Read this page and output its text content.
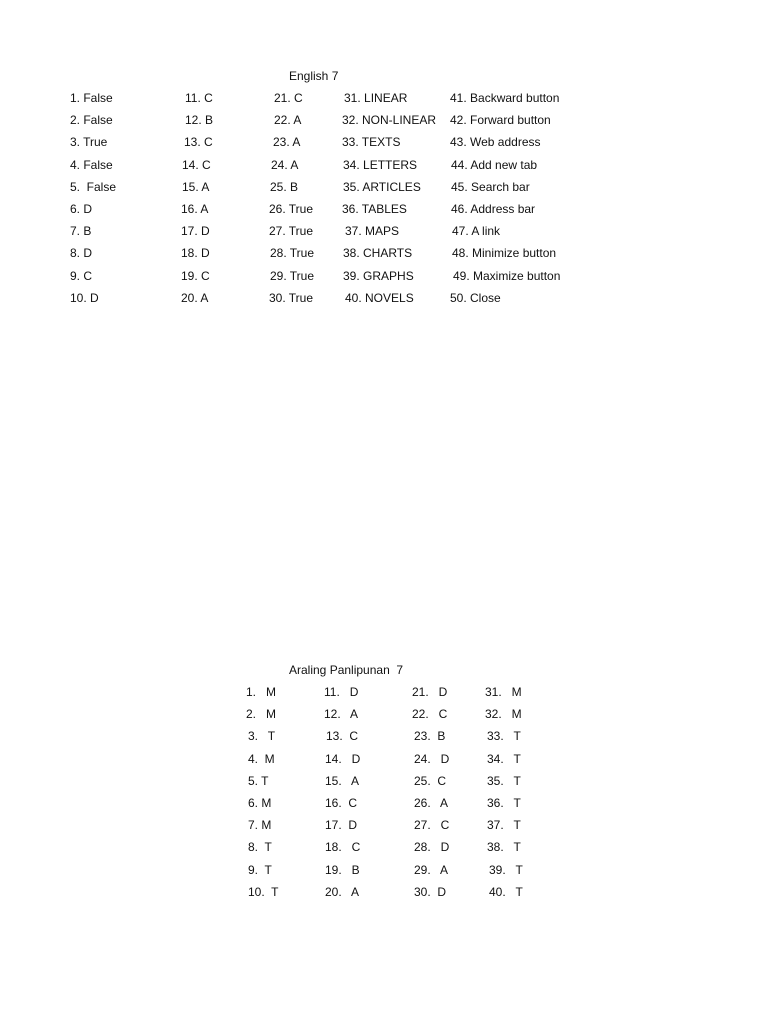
English 7
1. False
2. False
3. True
4. False
5.  False
6. D
7. B
8. D
9. C
10. D
11. C
12. B
13. C
14. C
15. A
16. A
17. D
18. D
19. C
20. A
21. C
22. A
23. A
24. A
25. B
26. True
27. True
28. True
29. True
30. True
31. LINEAR
32. NON-LINEAR
33. TEXTS
34. LETTERS
35. ARTICLES
36. TABLES
37. MAPS
38. CHARTS
39. GRAPHS
40. NOVELS
41. Backward button
42. Forward button
43. Web address
44. Add new tab
45. Search bar
46. Address bar
47. A link
48. Minimize button
49. Maximize button
50. Close
Araling Panlipunan  7
1.   M
2.   M
3.   T
4.  M
5. T
6. M
7. M
8.  T
9.  T
10.  T
11.   D
12.   A
13.  C
14.   D
15.   A
16.  C
17.  D
18.   C
19.   B
20.   A
21.   D
22.   C
23.  B
24.   D
25.  C
26.   A
27.   C
28.   D
29.   A
30.  D
31.   M
32.   M
33.   T
34.   T
35.   T
36.   T
37.   T
38.   T
39.   T
40.   T
